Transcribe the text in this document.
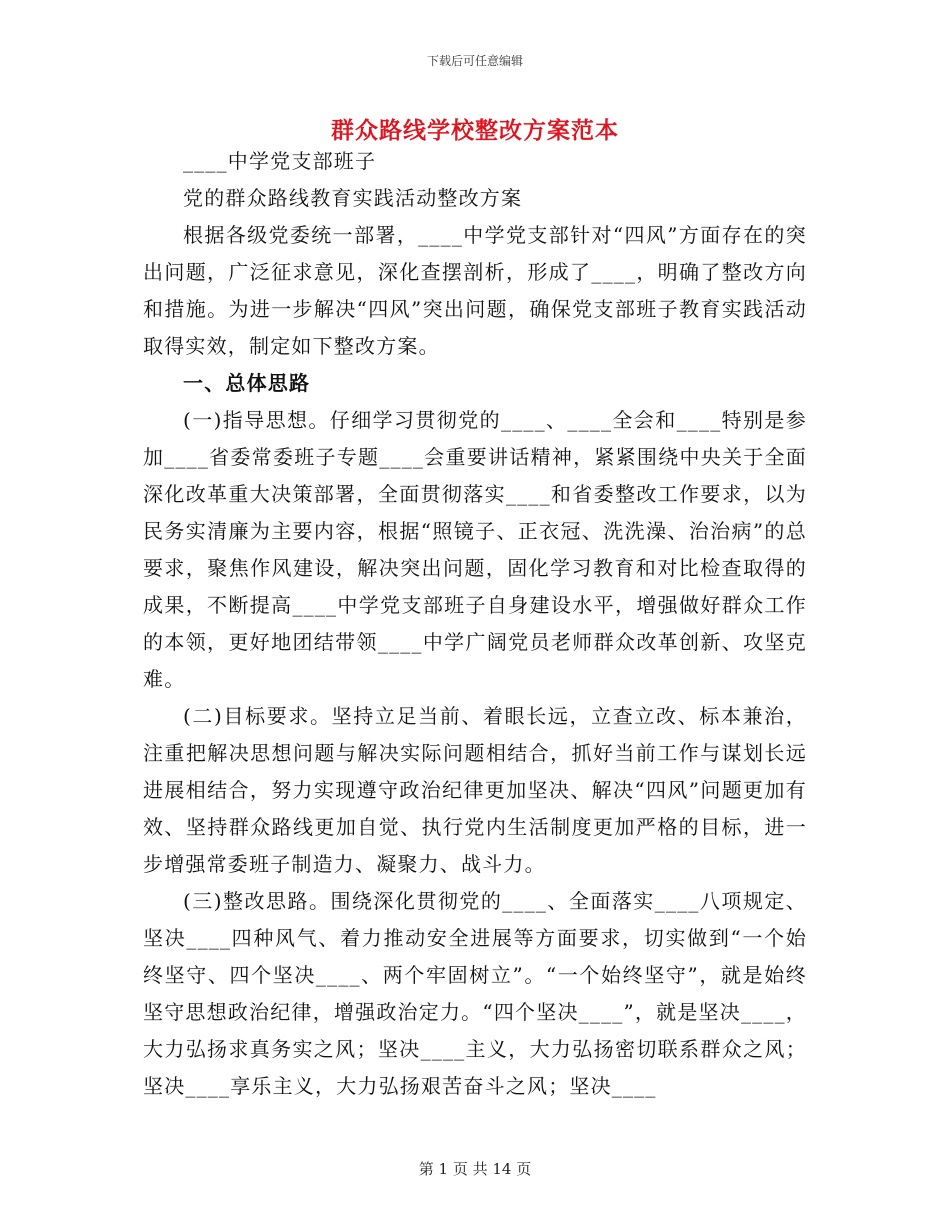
下载后可任意编辑
群众路线学校整改方案范本

____中学党支部班子

党的群众路线教育实践活动整改方案

根据各级党委统一部署，____中学党支部针对“四风”方面存在的突出问题，广泛征求意见，深化查摆剖析，形成了____，明确了整改方向和措施。为进一步解决“四风”突出问题，确保党支部班子教育实践活动取得实效，制定如下整改方案。

一、总体思路

(一)指导思想。仔细学习贯彻党的____、____全会和____特别是参加____省委常委班子专题____会重要讲话精神，紧紧围绕中央关于全面深化改革重大决策部署，全面贯彻落实____和省委整改工作要求，以为民务实清廉为主要内容，根据“照镜子、正衣冠、洗洗澡、治治病”的总要求，聚焦作风建设，解决突出问题，固化学习教育和对比检查取得的成果，不断提高____中学党支部班子自身建设水平，增强做好群众工作的本领，更好地团结带领____中学广阔党员老师群众改革创新、攻坚克难。

(二)目标要求。坚持立足当前、着眼长远，立查立改、标本兼治，注重把解决思想问题与解决实际问题相结合，抓好当前工作与谋划长远进展相结合，努力实现遵守政治纪律更加坚决、解决“四风”问题更加有效、坚持群众路线更加自觉、执行党内生活制度更加严格的目标，进一步增强常委班子制造力、凝聚力、战斗力。

(三)整改思路。围绕深化贯彻党的____、全面落实____八项规定、坚决____四种风气、着力推动安全进展等方面要求，切实做到“一个始终坚守、四个坚决____、两个牢固树立”。“一个始终坚守”，就是始终坚守思想政治纪律，增强政治定力。“四个坚决____”，就是坚决____，大力弘扬求真务实之风；坚决____主义，大力弘扬密切联系群众之风；坚决____享乐主义，大力弘扬艰苦奋斗之风；坚决____

第 1 页 共 14 页
